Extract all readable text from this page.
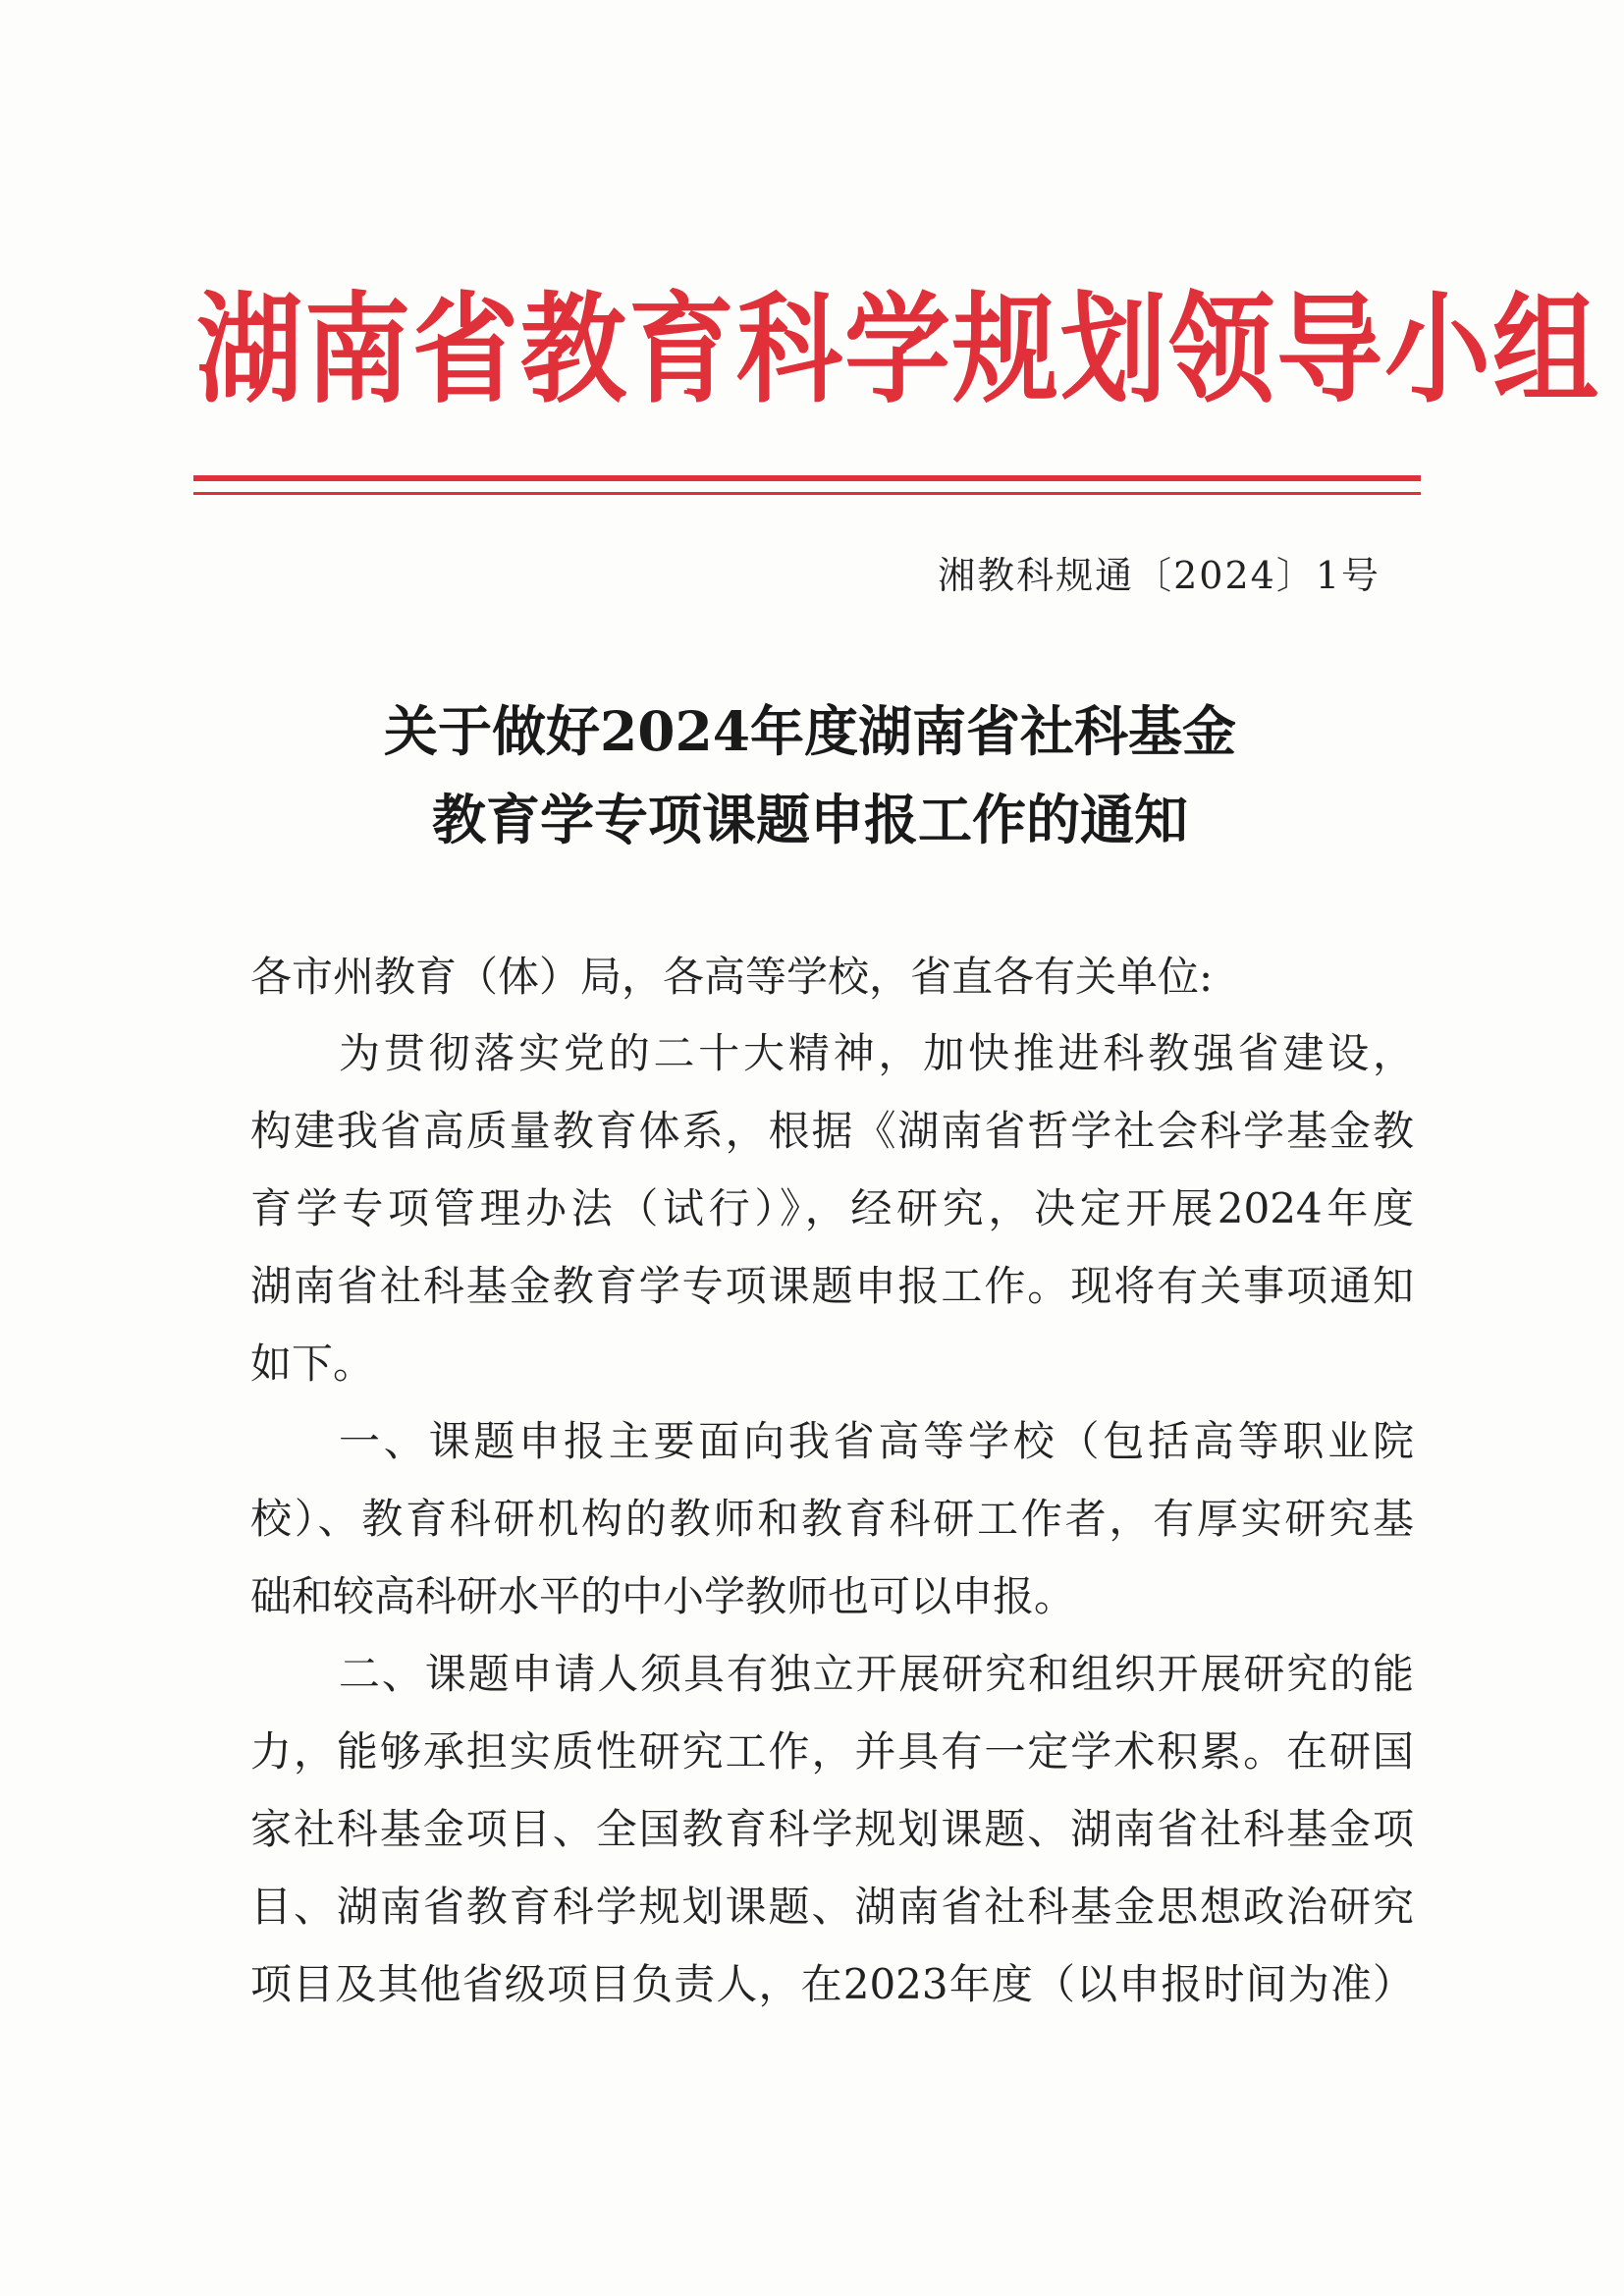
湖南省教育科学规划领导小组
湘教科规通〔2024〕1号
关于做好2024年度湖南省社科基金
教育学专项课题申报工作的通知
各市州教育（体）局，各高等学校，省直各有关单位:
为贯彻落实党的二十大精神，加快推进科教强省建设，
构建我省高质量教育体系，根据《湖南省哲学社会科学基金教
育学专项管理办法（试行）》，经研究，决定开展2024年度
湖南省社科基金教育学专项课题申报工作。现将有关事项通知
如下。
一、课题申报主要面向我省高等学校（包括高等职业院
校）、教育科研机构的教师和教育科研工作者，有厚实研究基
础和较高科研水平的中小学教师也可以申报。
二、课题申请人须具有独立开展研究和组织开展研究的能
力，能够承担实质性研究工作，并具有一定学术积累。在研国
家社科基金项目、全国教育科学规划课题、湖南省社科基金项
目、湖南省教育科学规划课题、湖南省社科基金思想政治研究
项目及其他省级项目负责人，在2023年度（以申报时间为准）
